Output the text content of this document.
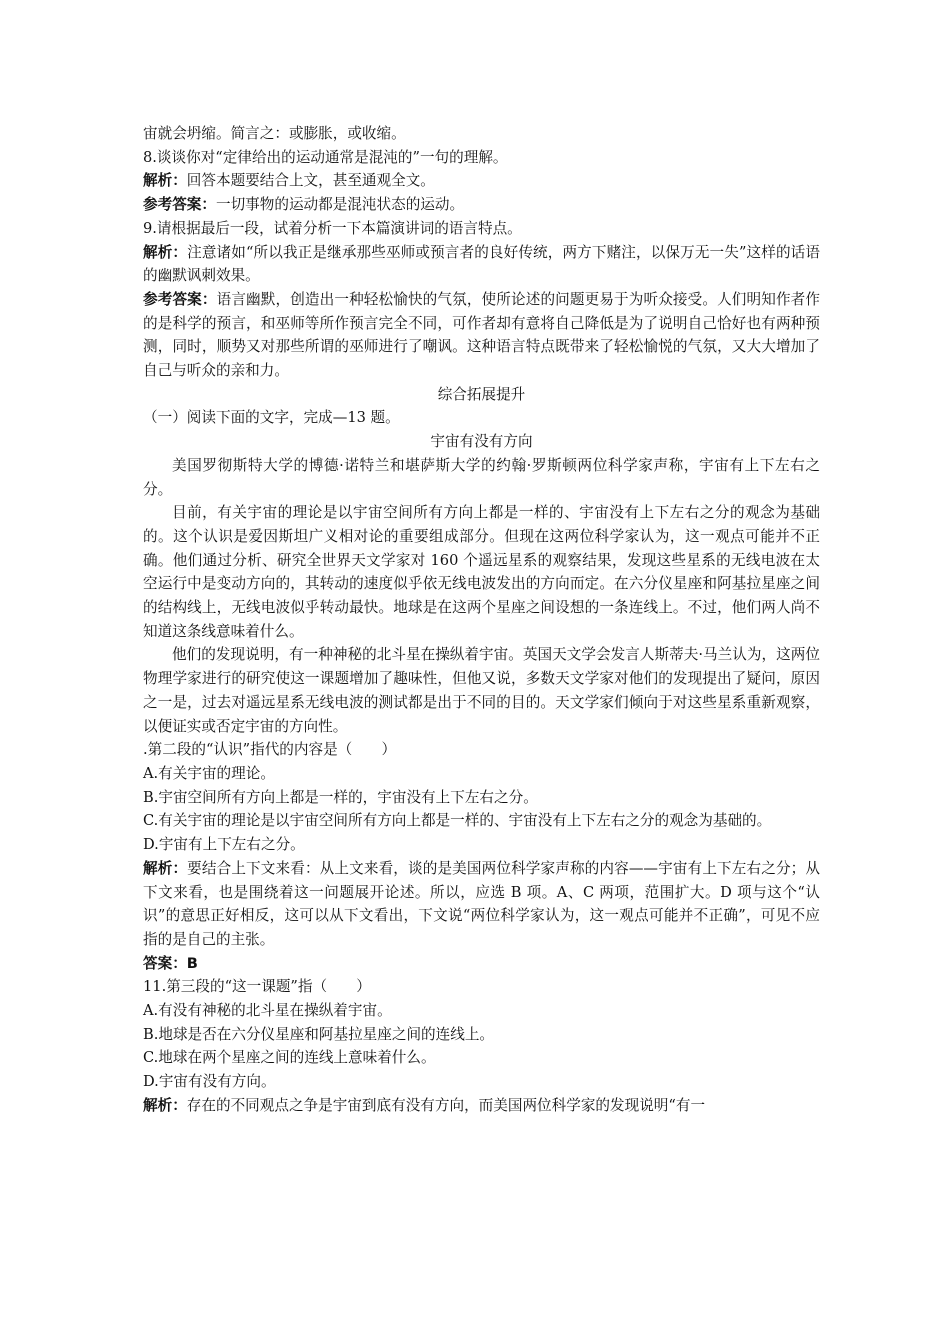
宙就会坍缩。简言之：或膨胀，或收缩。

8.谈谈你对“定律给出的运动通常是混沌的”一句的理解。

解析：回答本题要结合上文，甚至通观全文。

参考答案：一切事物的运动都是混沌状态的运动。

9.请根据最后一段，试着分析一下本篇演讲词的语言特点。

解析：注意诸如“所以我正是继承那些巫师或预言者的良好传统，两方下赌注，以保万无一失”这样的话语的幽默讽刺效果。

参考答案：语言幽默，创造出一种轻松愉快的气氛，使所论述的问题更易于为听众接受。人们明知作者作的是科学的预言，和巫师等所作预言完全不同，可作者却有意将自己降低是为了说明自己恰好也有两种预测，同时，顺势又对那些所谓的巫师进行了嘲讽。这种语言特点既带来了轻松愉悦的气氛，又大大增加了自己与听众的亲和力。

综合拓展提升

（一）阅读下面的文字，完成—13 题。

宇宙有没有方向

美国罗彻斯特大学的博德·诺特兰和堪萨斯大学的约翰·罗斯顿两位科学家声称，宇宙有上下左右之分。

目前，有关宇宙的理论是以宇宙空间所有方向上都是一样的、宇宙没有上下左右之分的观念为基础的。这个认识是爱因斯坦广义相对论的重要组成部分。但现在这两位科学家认为，这一观点可能并不正确。他们通过分析、研究全世界天文学家对 160 个遥远星系的观察结果，发现这些星系的无线电波在太空运行中是变动方向的，其转动的速度似乎依无线电波发出的方向而定。在六分仪星座和阿基拉星座之间的结构线上，无线电波似乎转动最快。地球是在这两个星座之间设想的一条连线上。不过，他们两人尚不知道这条线意味着什么。

他们的发现说明，有一种神秘的北斗星在操纵着宇宙。英国天文学会发言人斯蒂夫·马兰认为，这两位物理学家进行的研究使这一课题增加了趣味性，但他又说，多数天文学家对他们的发现提出了疑问，原因之一是，过去对遥远星系无线电波的测试都是出于不同的目的。天文学家们倾向于对这些星系重新观察，以便证实或否定宇宙的方向性。

.第二段的“认识”指代的内容是（　　）

A.有关宇宙的理论。

B.宇宙空间所有方向上都是一样的，宇宙没有上下左右之分。

C.有关宇宙的理论是以宇宙空间所有方向上都是一样的、宇宙没有上下左右之分的观念为基础的。

D.宇宙有上下左右之分。

解析：要结合上下文来看：从上文来看，谈的是美国两位科学家声称的内容——宇宙有上下左右之分；从下文来看，也是围绕着这一问题展开论述。所以，应选 B 项。A、C 两项，范围扩大。D 项与这个“认识”的意思正好相反，这可以从下文看出，下文说“两位科学家认为，这一观点可能并不正确”，可见不应指的是自己的主张。

答案：B

11.第三段的“这一课题”指（　　）

A.有没有神秘的北斗星在操纵着宇宙。

B.地球是否在六分仪星座和阿基拉星座之间的连线上。

C.地球在两个星座之间的连线上意味着什么。

D.宇宙有没有方向。

解析：存在的不同观点之争是宇宙到底有没有方向，而美国两位科学家的发现说明“有一
